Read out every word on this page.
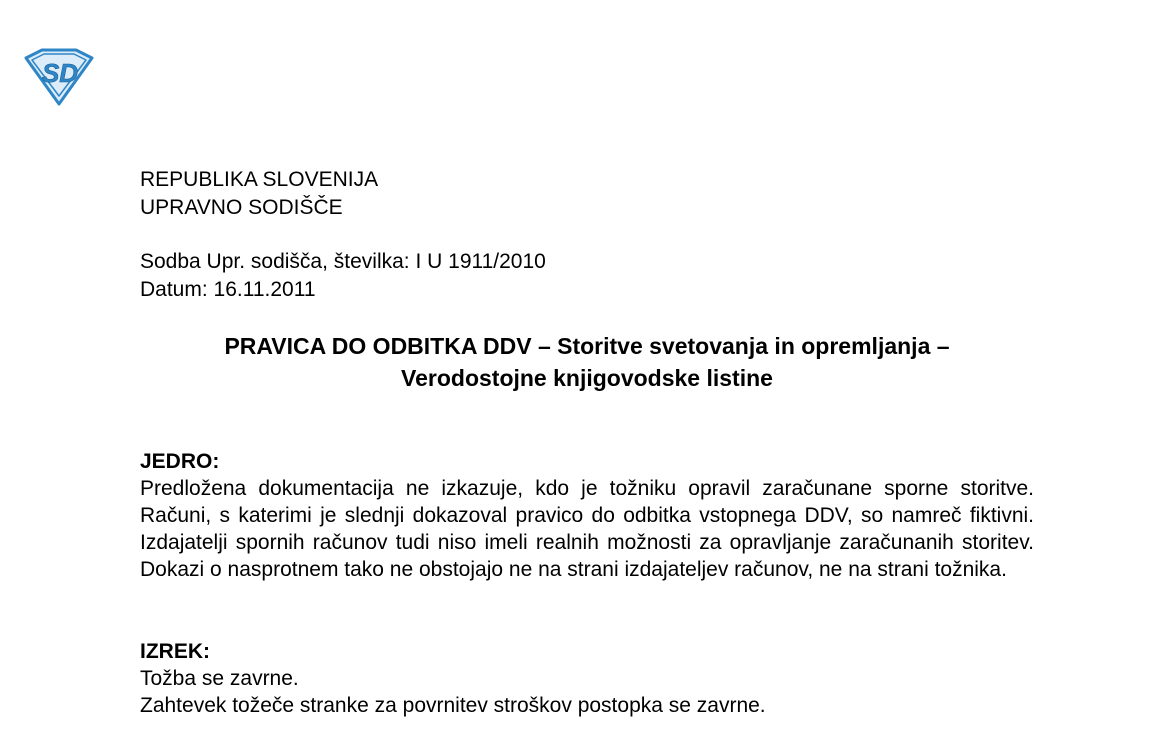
SD
REPUBLIKA SLOVENIJA
UPRAVNO SODIŠČE
Sodba Upr. sodišča, številka: I U 1911/2010
Datum: 16.11.2011
PRAVICA DO ODBITKA DDV – Storitve svetovanja in opremljanja –
Verodostojne knjigovodske listine
JEDRO:

Predložena dokumentacija ne izkazuje, kdo je tožniku opravil zaračunane sporne storitve. Računi, s katerimi je slednji dokazoval pravico do odbitka vstopnega DDV, so namreč fiktivni. Izdajatelji spornih računov tudi niso imeli realnih možnosti za opravljanje zaračunanih storitev. Dokazi o nasprotnem tako ne obstojajo ne na strani izdajateljev računov, ne na strani tožnika.

IZREK:
Tožba se zavrne.
Zahtevek tožeče stranke za povrnitev stroškov postopka se zavrne.
